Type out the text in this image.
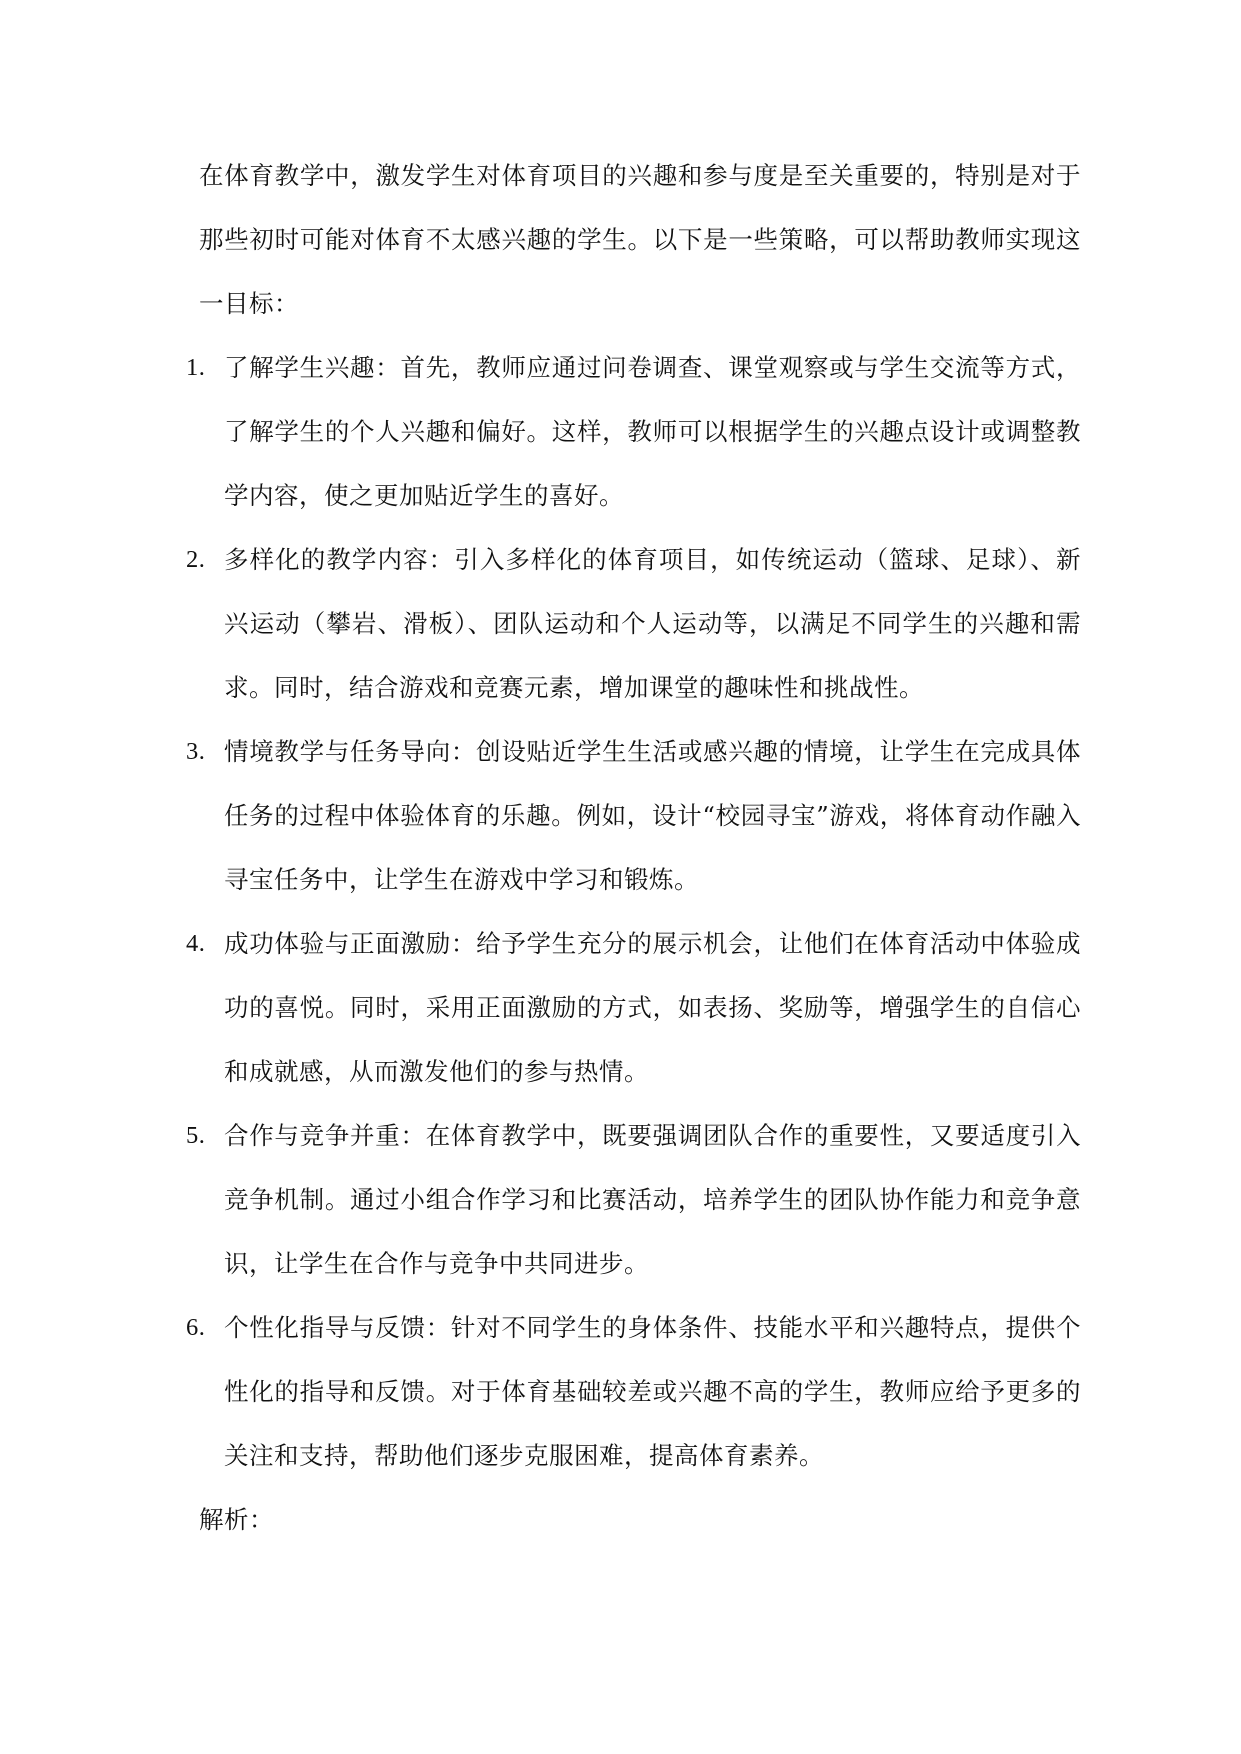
在体育教学中，激发学生对体育项目的兴趣和参与度是至关重要的，特别是对于那些初时可能对体育不太感兴趣的学生。以下是一些策略，可以帮助教师实现这一目标：

1. 了解学生兴趣：首先，教师应通过问卷调查、课堂观察或与学生交流等方式，了解学生的个人兴趣和偏好。这样，教师可以根据学生的兴趣点设计或调整教学内容，使之更加贴近学生的喜好。
2. 多样化的教学内容：引入多样化的体育项目，如传统运动（篮球、足球）、新兴运动（攀岩、滑板）、团队运动和个人运动等，以满足不同学生的兴趣和需求。同时，结合游戏和竞赛元素，增加课堂的趣味性和挑战性。
3. 情境教学与任务导向：创设贴近学生生活或感兴趣的情境，让学生在完成具体任务的过程中体验体育的乐趣。例如，设计“校园寻宝”游戏，将体育动作融入寻宝任务中，让学生在游戏中学习和锻炼。
4. 成功体验与正面激励：给予学生充分的展示机会，让他们在体育活动中体验成功的喜悦。同时，采用正面激励的方式，如表扬、奖励等，增强学生的自信心和成就感，从而激发他们的参与热情。
5. 合作与竞争并重：在体育教学中，既要强调团队合作的重要性，又要适度引入竞争机制。通过小组合作学习和比赛活动，培养学生的团队协作能力和竞争意识，让学生在合作与竞争中共同进步。
6. 个性化指导与反馈：针对不同学生的身体条件、技能水平和兴趣特点，提供个性化的指导和反馈。对于体育基础较差或兴趣不高的学生，教师应给予更多的关注和支持，帮助他们逐步克服困难，提高体育素养。

解析：
